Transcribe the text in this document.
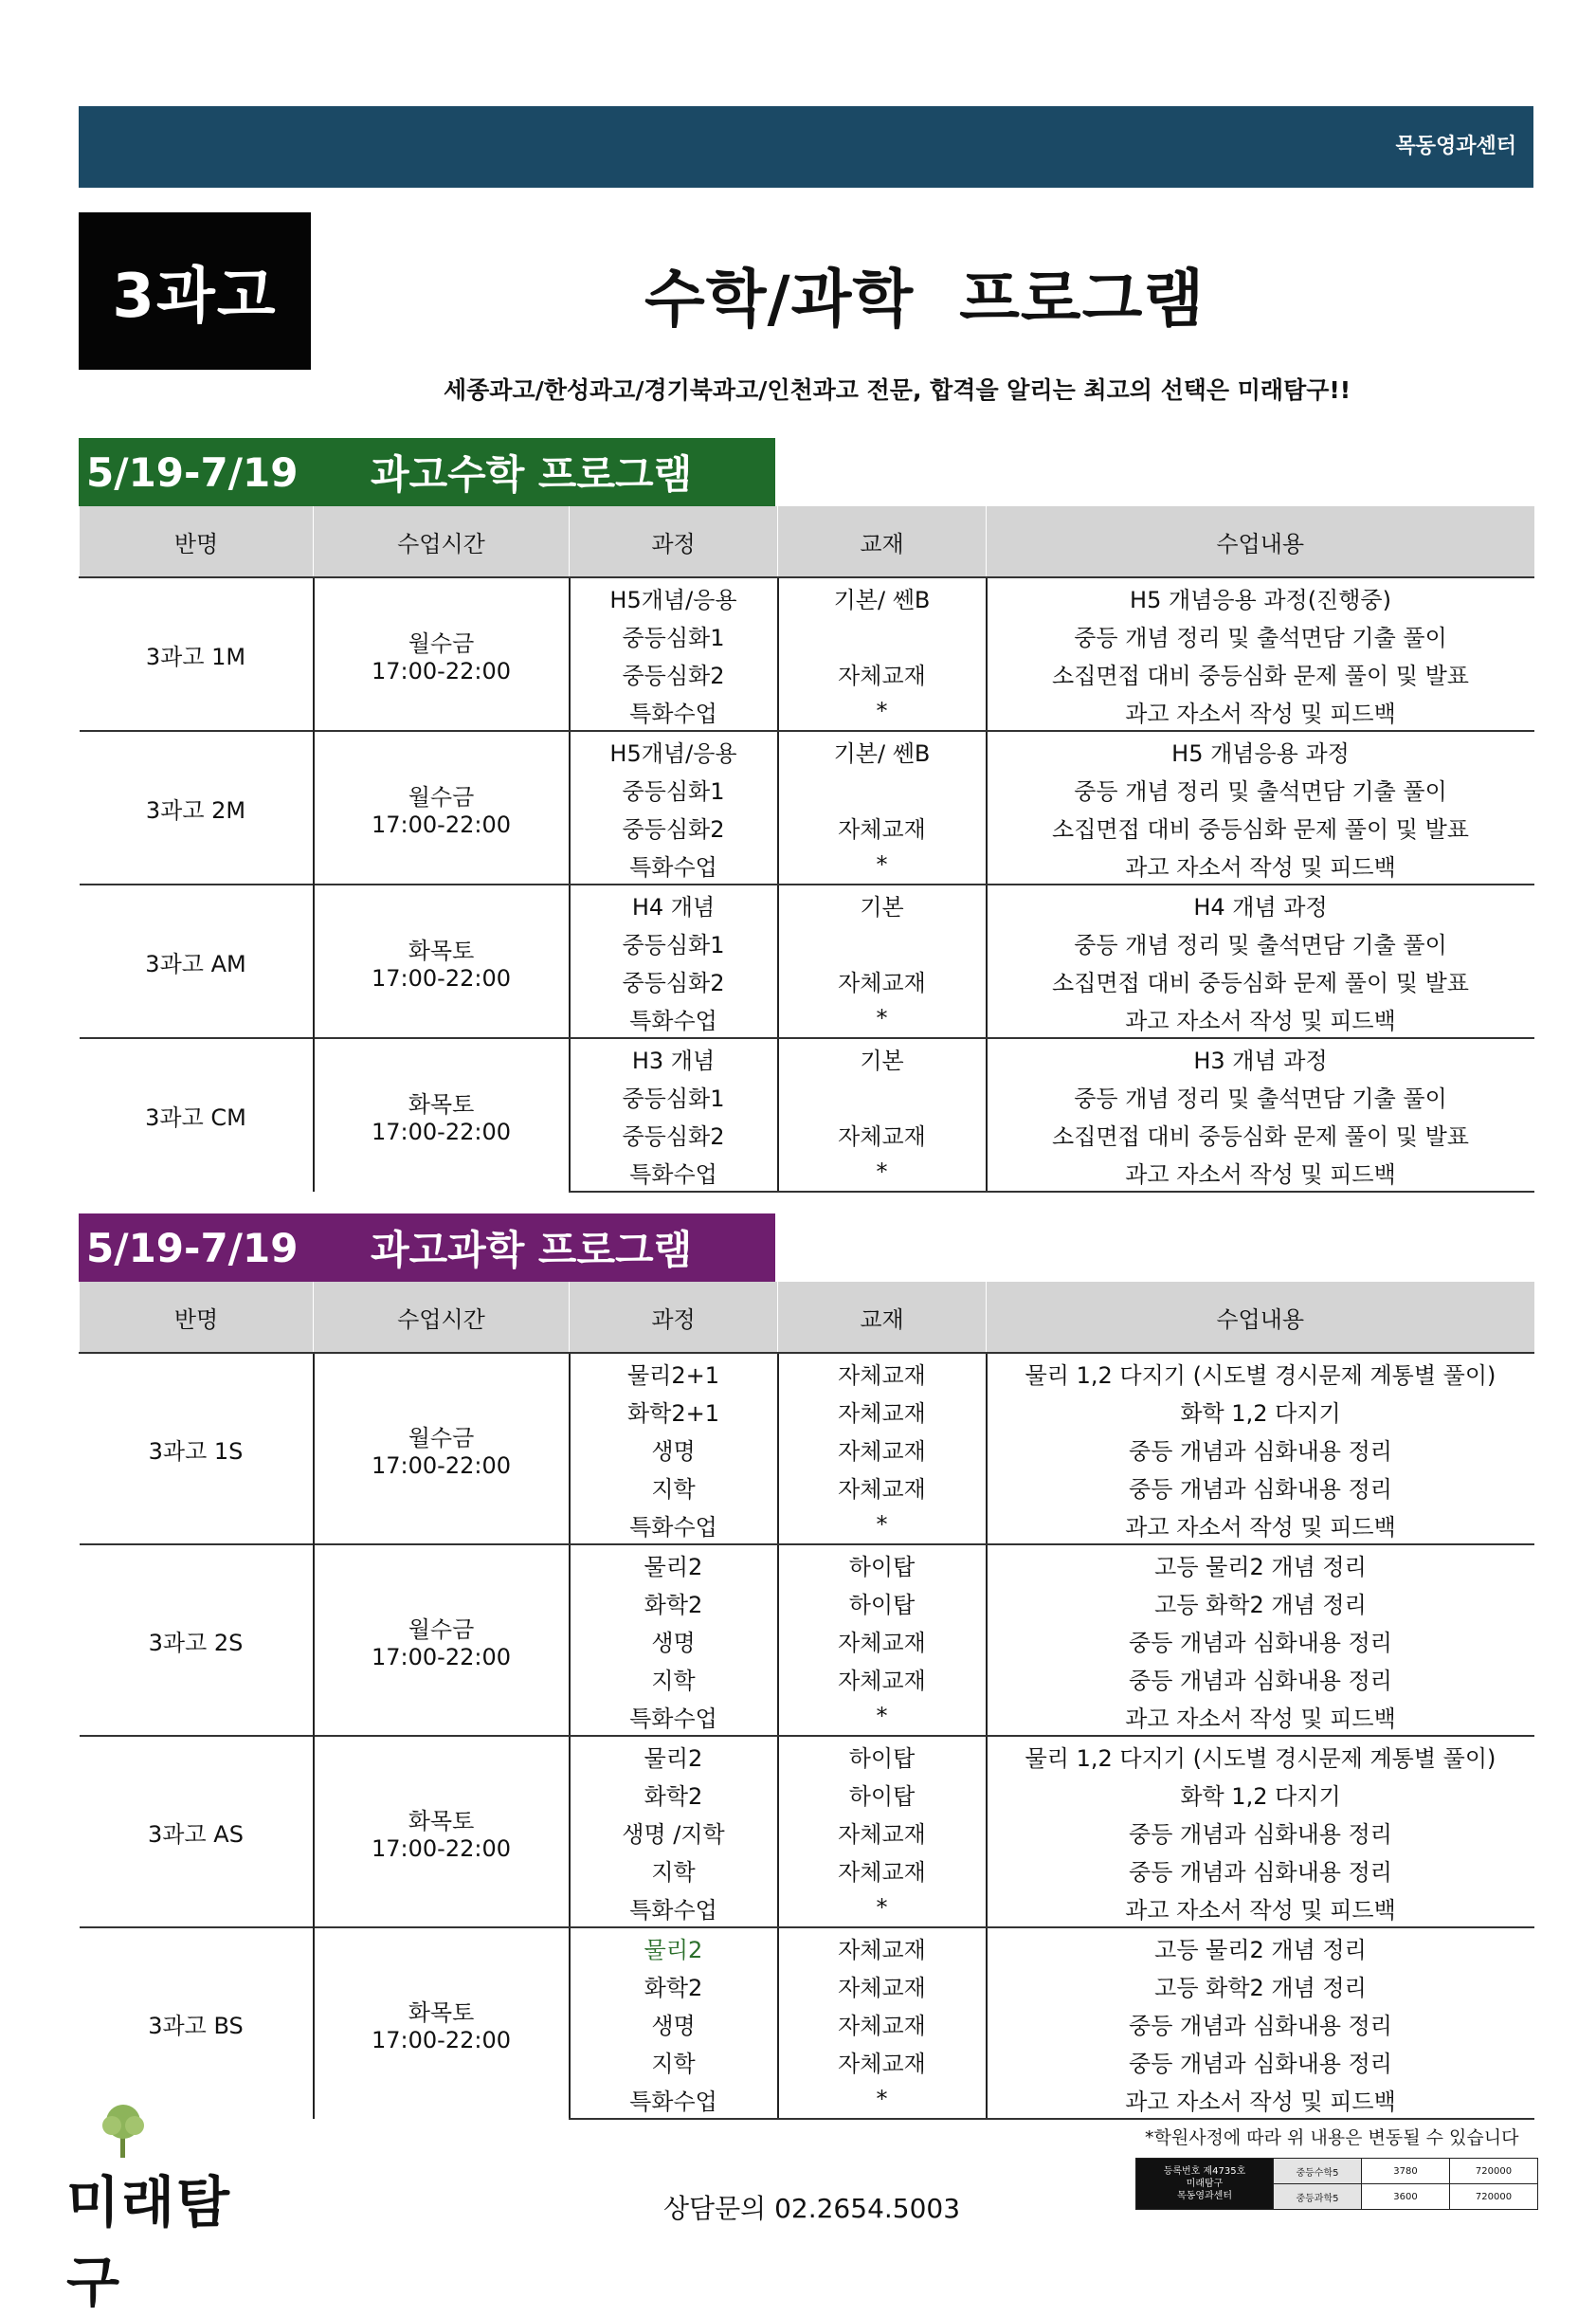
목동영과센터
3과고	수학/과학  프로그램
세종과고/한성과고/경기북과고/인천과고 전문, 합격을 알리는 최고의 선택은 미래탐구!!
5/19-7/19	과고수학 프로그램
반명	수업시간	과정	교재	수업내용
3과고 1M	월수금
17:00-22:00	H5개념/응용	기본/ 쎈B	H5 개념응용 과정(진행중)
		중등심화1		중등 개념 정리 및 출석면담 기출 풀이
		중등심화2	자체교재	소집면접 대비 중등심화 문제 풀이 및 발표
		특화수업	*	과고 자소서 작성 및 피드백
3과고 2M	월수금
17:00-22:00	H5개념/응용	기본/ 쎈B	H5 개념응용 과정
		중등심화1		중등 개념 정리 및 출석면담 기출 풀이
		중등심화2	자체교재	소집면접 대비 중등심화 문제 풀이 및 발표
		특화수업	*	과고 자소서 작성 및 피드백
3과고 AM	화목토
17:00-22:00	H4 개념	기본	H4 개념 과정
		중등심화1		중등 개념 정리 및 출석면담 기출 풀이
		중등심화2	자체교재	소집면접 대비 중등심화 문제 풀이 및 발표
		특화수업	*	과고 자소서 작성 및 피드백
3과고 CM	화목토
17:00-22:00	H3 개념	기본	H3 개념 과정
		중등심화1		중등 개념 정리 및 출석면담 기출 풀이
		중등심화2	자체교재	소집면접 대비 중등심화 문제 풀이 및 발표
		특화수업	*	과고 자소서 작성 및 피드백
5/19-7/19	과고과학 프로그램
반명	수업시간	과정	교재	수업내용
3과고 1S	월수금
17:00-22:00	물리2+1	자체교재	물리 1,2 다지기 (시도별 경시문제 계통별 풀이)
		화학2+1	자체교재	화학 1,2 다지기
		생명	자체교재	중등 개념과 심화내용 정리
		지학	자체교재	중등 개념과 심화내용 정리
		특화수업	*	과고 자소서 작성 및 피드백
3과고 2S	월수금
17:00-22:00	물리2	하이탑	고등 물리2 개념 정리
		화학2	하이탑	고등 화학2 개념 정리
		생명	자체교재	중등 개념과 심화내용 정리
		지학	자체교재	중등 개념과 심화내용 정리
		특화수업	*	과고 자소서 작성 및 피드백
3과고 AS	화목토
17:00-22:00	물리2	하이탑	물리 1,2 다지기 (시도별 경시문제 계통별 풀이)
		화학2	하이탑	화학 1,2 다지기
		생명 /지학	자체교재	중등 개념과 심화내용 정리
		지학	자체교재	중등 개념과 심화내용 정리
		특화수업	*	과고 자소서 작성 및 피드백
3과고 BS	화목토
17:00-22:00	물리2	자체교재	고등 물리2 개념 정리
		화학2	자체교재	고등 화학2 개념 정리
		생명	자체교재	중등 개념과 심화내용 정리
		지학	자체교재	중등 개념과 심화내용 정리
		특화수업	*	과고 자소서 작성 및 피드백
미래탐구
상담문의 02.2654.5003
*학원사정에 따라 위 내용은 변동될 수 있습니다
등록번호 제4735호
미래탐구
목동영과센터	중등수학5	3780	720000
	중등과학5	3600	720000
